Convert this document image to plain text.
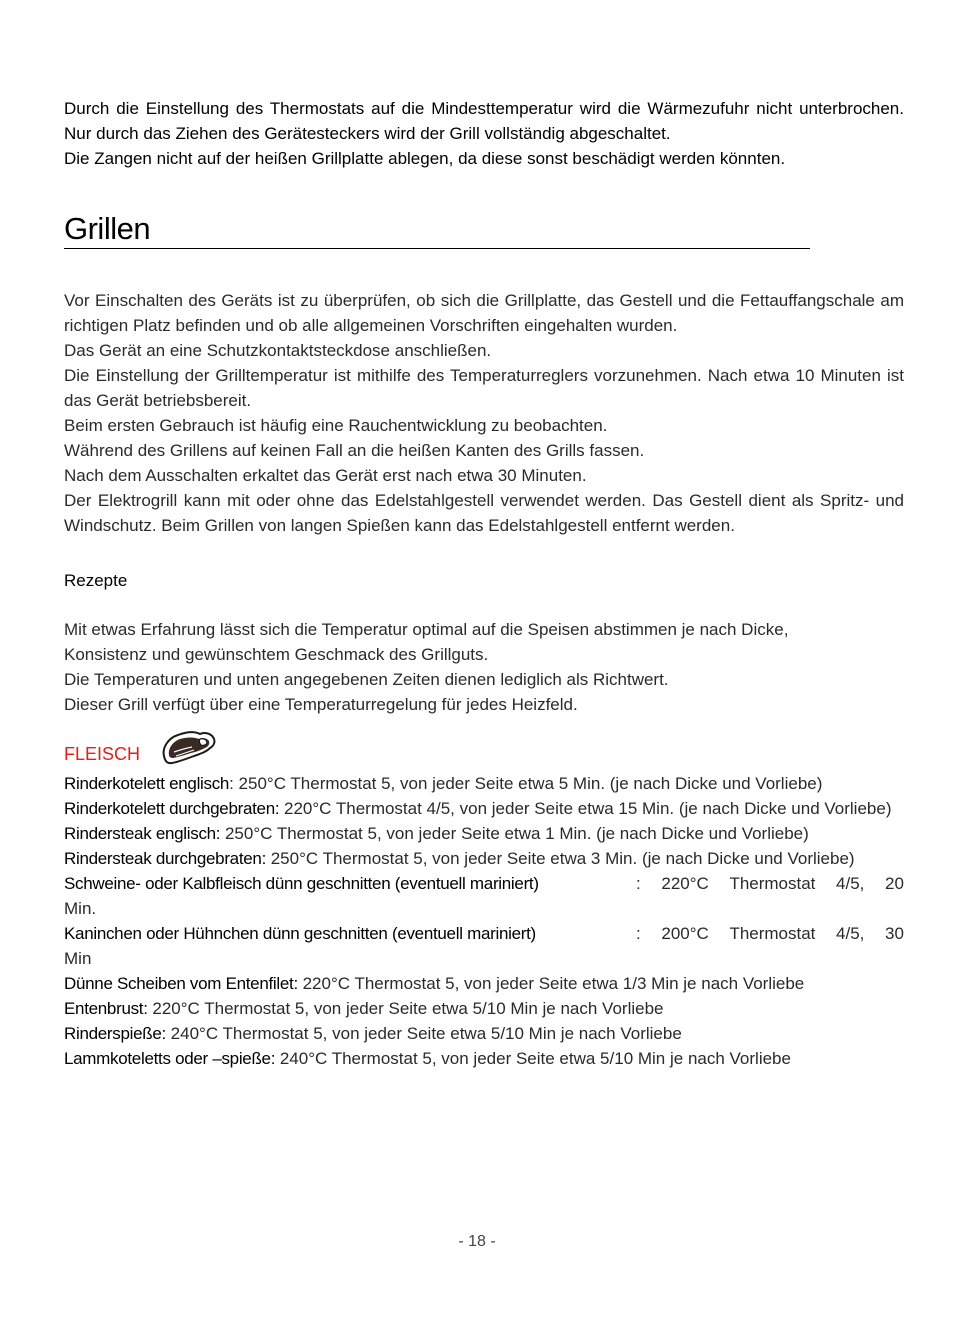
Durch die Einstellung des Thermostats auf die Mindesttemperatur wird die Wärmezufuhr nicht unterbrochen. Nur durch das Ziehen des Gerätesteckers wird der Grill vollständig abgeschaltet.

Die Zangen nicht auf der heißen Grillplatte ablegen, da diese sonst beschädigt werden könnten.

Grillen

Vor Einschalten des Geräts ist zu überprüfen, ob sich die Grillplatte, das Gestell und die Fettauffangschale am richtigen Platz befinden und ob alle allgemeinen Vorschriften eingehalten wurden.

Das Gerät an eine Schutzkontaktsteckdose anschließen.

Die Einstellung der Grilltemperatur ist mithilfe des Temperaturreglers vorzunehmen. Nach etwa 10 Minuten ist das Gerät betriebsbereit.

Beim ersten Gebrauch ist häufig eine Rauchentwicklung zu beobachten.

Während des Grillens auf keinen Fall an die heißen Kanten des Grills fassen.

Nach dem Ausschalten erkaltet das Gerät erst nach etwa 30 Minuten.

Der Elektrogrill kann mit oder ohne das Edelstahlgestell verwendet werden. Das Gestell dient als Spritz- und Windschutz. Beim Grillen von langen Spießen kann das Edelstahlgestell entfernt werden.

Rezepte

Mit etwas Erfahrung lässt sich die Temperatur optimal auf die Speisen abstimmen je nach Dicke,

Konsistenz und gewünschtem Geschmack des Grillguts.

Die Temperaturen und unten angegebenen Zeiten dienen lediglich als Richtwert.

Dieser Grill verfügt über eine Temperaturregelung für jedes Heizfeld.

FLEISCH

Rinderkotelett englisch: 250°C Thermostat 5, von jeder Seite etwa 5 Min. (je nach Dicke und Vorliebe)

Rinderkotelett durchgebraten: 220°C Thermostat 4/5, von jeder Seite etwa 15 Min. (je nach Dicke und Vorliebe)

Rindersteak englisch: 250°C Thermostat 5, von jeder Seite etwa 1 Min. (je nach Dicke und Vorliebe)

Rindersteak durchgebraten: 250°C Thermostat 5, von jeder Seite etwa 3 Min. (je nach Dicke und Vorliebe)

Schweine- oder Kalbfleisch dünn geschnitten (eventuell mariniert)	: 220°C Thermostat 4/5, 20

Min.

Kaninchen oder Hühnchen dünn geschnitten (eventuell mariniert)	: 200°C Thermostat 4/5, 30

Min

Dünne Scheiben vom Entenfilet: 220°C Thermostat 5, von jeder Seite etwa 1/3 Min je nach Vorliebe

Entenbrust: 220°C Thermostat 5, von jeder Seite etwa 5/10 Min je nach Vorliebe

Rinderspieße: 240°C Thermostat 5, von jeder Seite etwa 5/10 Min je nach Vorliebe

Lammkoteletts oder –spieße: 240°C Thermostat 5, von jeder Seite etwa 5/10 Min je nach Vorliebe

- 18 -
